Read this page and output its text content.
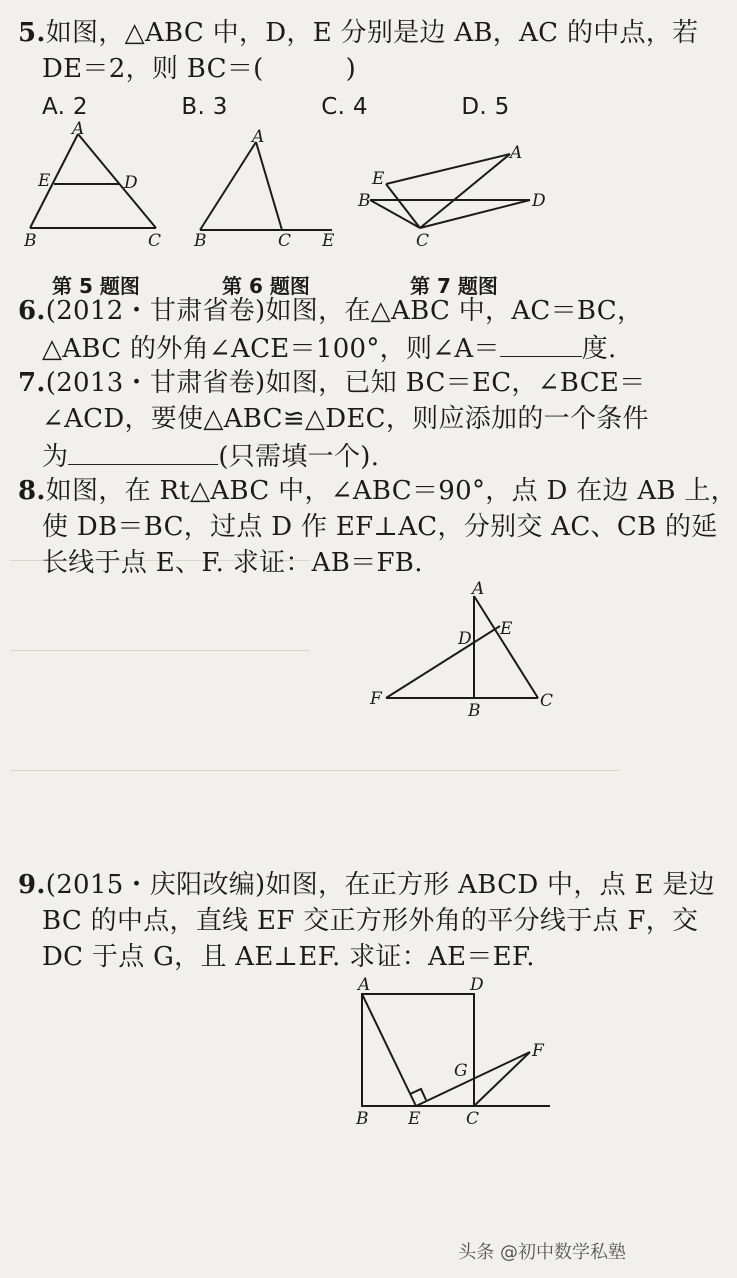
5.如图，△ABC 中，D，E 分别是边 AB，AC 的中点，若
DE＝2，则 BC＝(	)
A. 2	B. 3	C. 4	D. 5
A
E	D
B	C
A
B	C E
A
E
D
B
C
第 5 题图	第 6 题图	第 7 题图
6.(2012・甘肃省卷)如图，在△ABC 中，AC＝BC，
△ABC 的外角∠ACE＝100°，则∠A＝	度.
7.(2013・甘肃省卷)如图，已知 BC＝EC，∠BCE＝
∠ACD，要使△ABC≌△DEC，则应添加的一个条件
为	(只需填一个).
8.如图，在 Rt△ABC 中，∠ABC＝90°，点 D 在边 AB 上，
使 DB＝BC，过点 D 作 EF⊥AC，分别交 AC、CB 的延
长线于点 E、F. 求证：AB＝FB.
A
D E
F
B	C
9.(2015・庆阳改编)如图，在正方形 ABCD 中，点 E 是边
BC 的中点，直线 EF 交正方形外角的平分线于点 F，交
DC 于点 G，且 AE⊥EF. 求证：AE＝EF.
A	D
F
G
B E	C
头条 @初中数学私塾
